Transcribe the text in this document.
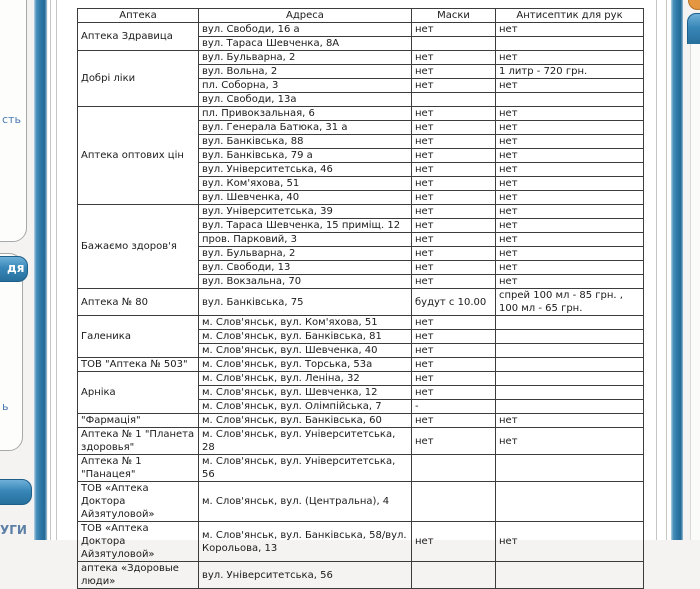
сть
дя
ь
УГИ
Аптека	Адреса	Маски	Антисептик для рук
Аптека Здравица	вул. Свободи, 16 а	нет	нет
	вул. Тараса Шевченка, 8А		
Добрі ліки	вул. Бульварна, 2	нет	нет
	вул. Вольна, 2	нет	1 литр - 720 грн.
	пл. Соборна, 3	нет	нет
	вул. Свободи, 13а		
Аптека оптових цін	пл. Привокзальная, 6	нет	нет
	вул. Генерала Батюка, 31 а	нет	нет
	вул. Банківська, 88	нет	нет
	вул. Банківська, 79 а	нет	нет
	вул. Університетська, 46	нет	нет
	вул. Ком'яхова, 51	нет	нет
	вул. Шевченка, 40	нет	нет
Бажаємо здоров'я	вул. Університетська, 39	нет	нет
	вул. Тараса Шевченка, 15 приміщ. 12	нет	нет
	пров. Парковий, 3	нет	нет
	вул. Бульварна, 2	нет	нет
	вул. Свободи, 13	нет	нет
	вул. Вокзальна, 70	нет	нет
Аптека № 80	вул. Банківська, 75	будут с 10.00	спрей 100 мл - 85 грн. , 100 мл - 65 грн.
Галеника	м. Слов'янськ, вул. Ком'яхова, 51	нет	
	м. Слов'янськ, вул. Банківська, 81	нет	
	м. Слов'янськ, вул. Шевченка, 40	нет	
ТОВ "Аптека № 503"	м. Слов'янськ, вул. Торська, 53а	нет	
Арніка	м. Слов'янськ, вул. Леніна, 32	нет	
	м. Слов'янськ, вул. Шевченка, 12	нет	
	м. Слов'янськ, вул. Олімпійська, 7	-	
"Фармація"	м. Слов'янськ, вул. Банківська, 60	нет	нет
Аптека № 1 "Планета здоровья"	м. Слов'янськ, вул. Університетська, 28	нет	нет
Аптека № 1 "Панацея"	м. Слов'янськ, вул. Університетська, 56		
ТОВ «Аптека Доктора Айзятуловой»	м. Слов'янськ, вул. (Центральна), 4		
ТОВ «Аптека Доктора Айзятуловой»	м. Слов'янськ, вул. Банківська, 58/вул. Корольова, 13	нет	нет
аптека «Здоровые люди»	вул. Університетська, 56		
